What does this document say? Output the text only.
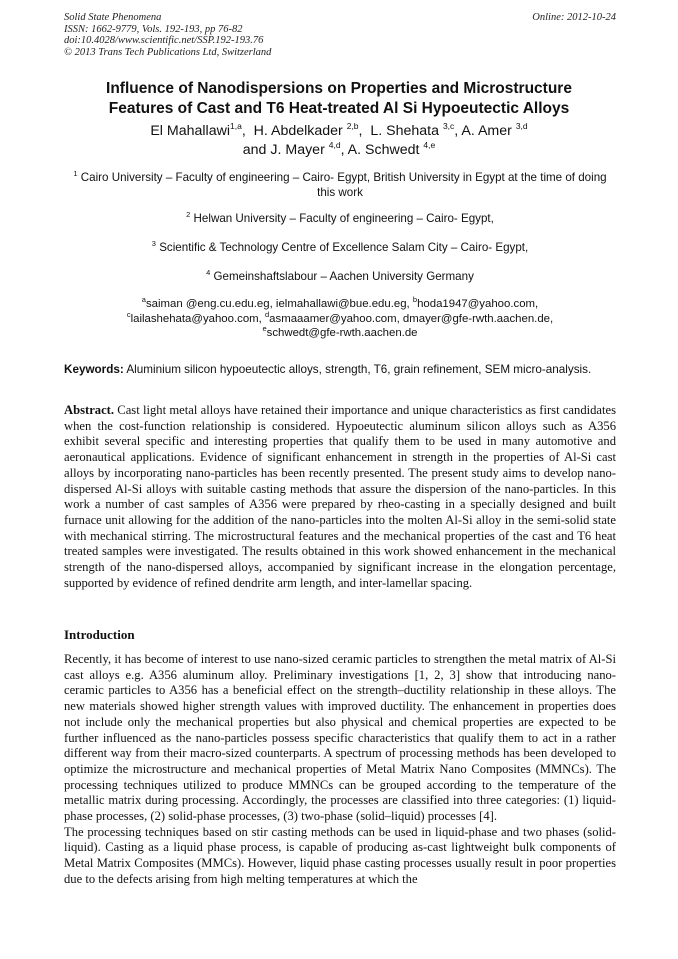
Solid State Phenomena
ISSN: 1662-9779, Vols. 192-193, pp 76-82
doi:10.4028/www.scientific.net/SSP.192-193.76
© 2013 Trans Tech Publications Ltd, Switzerland
Online: 2012-10-24
Influence of Nanodispersions on Properties and Microstructure
Features of Cast and T6 Heat-treated Al Si Hypoeutectic Alloys
El Mahallawi$^{1,a}$,  H. Abdelkader $^{2,b}$,  L. Shehata $^{3,c}$, A. Amer $^{3,d}$
and J. Mayer $^{4,d}$, A. Schwedt $^{4,e}$
$^1$ Cairo University – Faculty of engineering – Cairo- Egypt, British University in Egypt at the time of doing this work
$^2$ Helwan University – Faculty of engineering – Cairo- Egypt,
$^3$ Scientific & Technology Centre of Excellence Salam City – Cairo- Egypt,
$^4$ Gemeinshaftslabour – Aachen University Germany
$^a$saiman @eng.cu.edu.eg, ielmahallawi@bue.edu.eg, $^b$hoda1947@yahoo.com,
$^c$lailashehata@yahoo.com, $^d$asmaaamer@yahoo.com, dmayer@gfe-rwth.aachen.de,
$^e$schwedt@gfe-rwth.aachen.de
Keywords: Aluminium silicon hypoeutectic alloys, strength, T6, grain refinement, SEM micro-analysis.
Abstract. Cast light metal alloys have retained their importance and unique characteristics as first candidates when the cost-function relationship is considered. Hypoeutectic aluminum silicon alloys such as A356 exhibit several specific and interesting properties that qualify them to be used in many automotive and aeronautical applications. Evidence of significant enhancement in strength in the properties of Al-Si cast alloys by incorporating nano-particles has been recently presented. The present study aims to develop nano-dispersed Al-Si alloys with suitable casting methods that assure the dispersion of the nano-particles. In this work a number of cast samples of A356 were prepared by rheo-casting in a specially designed and built furnace unit allowing for the addition of the nano-particles into the molten Al-Si alloy in the semi-solid state with mechanical stirring. The microstructural features and the mechanical properties of the cast and T6 heat treated samples were investigated. The results obtained in this work showed enhancement in the mechanical strength of the nano-dispersed alloys, accompanied by significant increase in the elongation percentage, supported by evidence of refined dendrite arm length, and inter-lamellar spacing.
Introduction

Recently, it has become of interest to use nano-sized ceramic particles to strengthen the metal matrix of Al-Si cast alloys e.g. A356 aluminum alloy. Preliminary investigations [1, 2, 3] show that introducing nano-ceramic particles to A356 has a beneficial effect on the strength–ductility relationship in these alloys. The new materials showed higher strength values with improved ductility. The enhancement in properties does not include only the mechanical properties but also physical and chemical properties are expected to be further influenced as the nano-particles possess specific characteristics that qualify them to act in a rather different way from their macro-sized counterparts. A spectrum of processing methods has been developed to optimize the microstructure and mechanical properties of Metal Matrix Nano Composites (MMNCs). The processing techniques utilized to produce MMNCs can be grouped according to the temperature of the metallic matrix during processing. Accordingly, the processes are classified into three categories: (1) liquid-phase processes, (2) solid-phase processes, (3) two-phase (solid–liquid) processes [4].

The processing techniques based on stir casting methods can be used in liquid-phase and two phases (solid-liquid). Casting as a liquid phase process, is capable of producing as-cast lightweight bulk components of Metal Matrix Composites (MMCs). However, liquid phase casting processes usually result in poor properties due to the defects arising from high melting temperatures at which the
